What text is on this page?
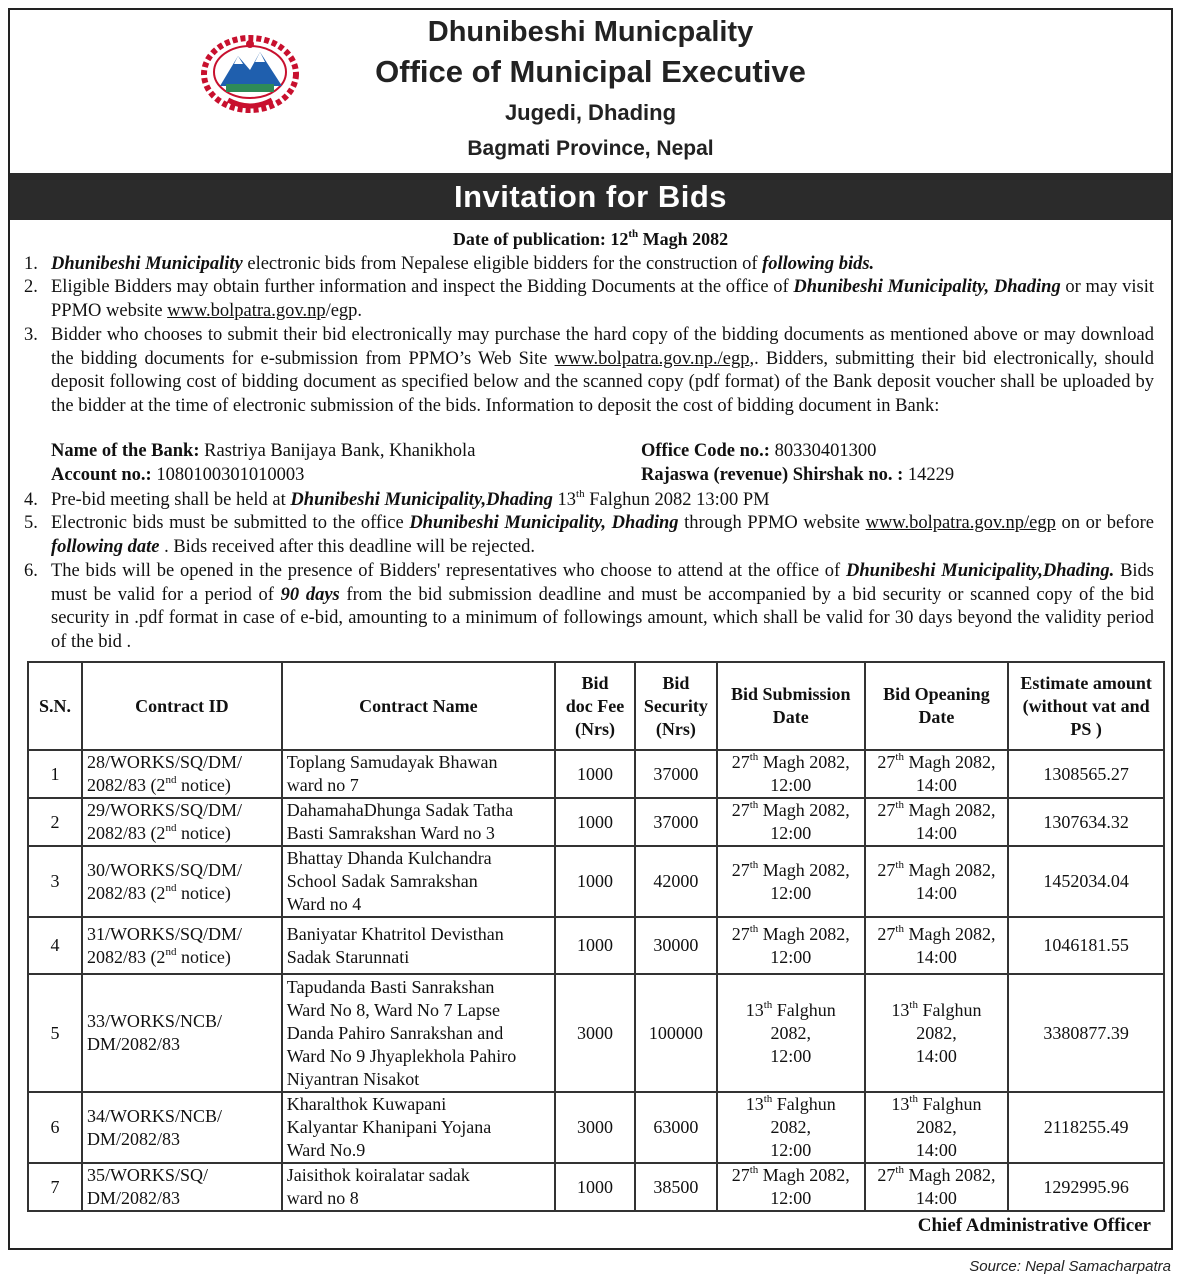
Dhunibeshi Municpality
Office of Municipal Executive
Jugedi, Dhading
Bagmati Province, Nepal
Invitation for Bids
Date of publication: 12th Magh 2082
1. Dhunibeshi Municipality electronic bids from Nepalese eligible bidders for the construction of following bids.
2. Eligible Bidders may obtain further information and inspect the Bidding Documents at the office of Dhunibeshi Municipality, Dhading or may visit PPMO website www.bolpatra.gov.np/egp.
3. Bidder who chooses to submit their bid electronically may purchase the hard copy of the bidding documents as mentioned above or may download the bidding documents for e-submission from PPMO’s Web Site www.bolpatra.gov.np./egp,. Bidders, submitting their bid electronically, should deposit following cost of bidding document as specified below and the scanned copy (pdf format) of the Bank deposit voucher shall be uploaded by the bidder at the time of electronic submission of the bids. Information to deposit the cost of bidding document in Bank:
Name of the Bank: Rastriya Banijaya Bank, Khanikhola	Office Code no.: 80330401300
Account no.: 1080100301010003	Rajaswa (revenue) Shirshak no. : 14229
4. Pre-bid meeting shall be held at Dhunibeshi Municipality,Dhading 13th Falghun 2082 13:00 PM
5. Electronic bids must be submitted to the office Dhunibeshi Municipality, Dhading through PPMO website www.bolpatra.gov.np/egp on or before following date . Bids received after this deadline will be rejected.
6. The bids will be opened in the presence of Bidders' representatives who choose to attend at the office of Dhunibeshi Municipality,Dhading. Bids must be valid for a period of 90 days from the bid submission deadline and must be accompanied by a bid security or scanned copy of the bid security in .pdf format in case of e-bid, amounting to a minimum of followings amount, which shall be valid for 30 days beyond the validity period of the bid .
S.N.	Contract ID	Contract Name	Bid
doc Fee
(Nrs)	Bid
Security
(Nrs)	Bid Submission
Date	Bid Opeaning
Date	Estimate amount
(without vat and
PS )
1	28/WORKS/SQ/DM/
2082/83 (2nd notice)	Toplang Samudayak Bhawan
ward no 7	1000	37000	27th Magh 2082,
12:00	27th Magh 2082,
14:00	1308565.27
2	29/WORKS/SQ/DM/
2082/83 (2nd notice)	DahamahaDhunga Sadak Tatha
Basti Samrakshan Ward no 3	1000	37000	27th Magh 2082,
12:00	27th Magh 2082,
14:00	1307634.32
3	30/WORKS/SQ/DM/
2082/83 (2nd notice)	Bhattay Dhanda Kulchandra
School Sadak Samrakshan
Ward no 4	1000	42000	27th Magh 2082,
12:00	27th Magh 2082,
14:00	1452034.04
4	31/WORKS/SQ/DM/
2082/83 (2nd notice)	Baniyatar Khatritol Devisthan
Sadak Starunnati	1000	30000	27th Magh 2082,
12:00	27th Magh 2082,
14:00	1046181.55
5	33/WORKS/NCB/
DM/2082/83	Tapudanda Basti Sanrakshan
Ward No 8, Ward No 7 Lapse
Danda Pahiro Sanrakshan and
Ward No 9 Jhyaplekhola Pahiro
Niyantran Nisakot	3000	100000	13th Falghun
2082,
12:00	13th Falghun
2082,
14:00	3380877.39
6	34/WORKS/NCB/
DM/2082/83	Kharalthok Kuwapani
Kalyantar Khanipani Yojana
Ward No.9	3000	63000	13th Falghun
2082,
12:00	13th Falghun
2082,
14:00	2118255.49
7	35/WORKS/SQ/
DM/2082/83	Jaisithok koiralatar sadak
ward no 8	1000	38500	27th Magh 2082,
12:00	27th Magh 2082,
14:00	1292995.96
Chief Administrative Officer
Source: Nepal Samacharpatra
